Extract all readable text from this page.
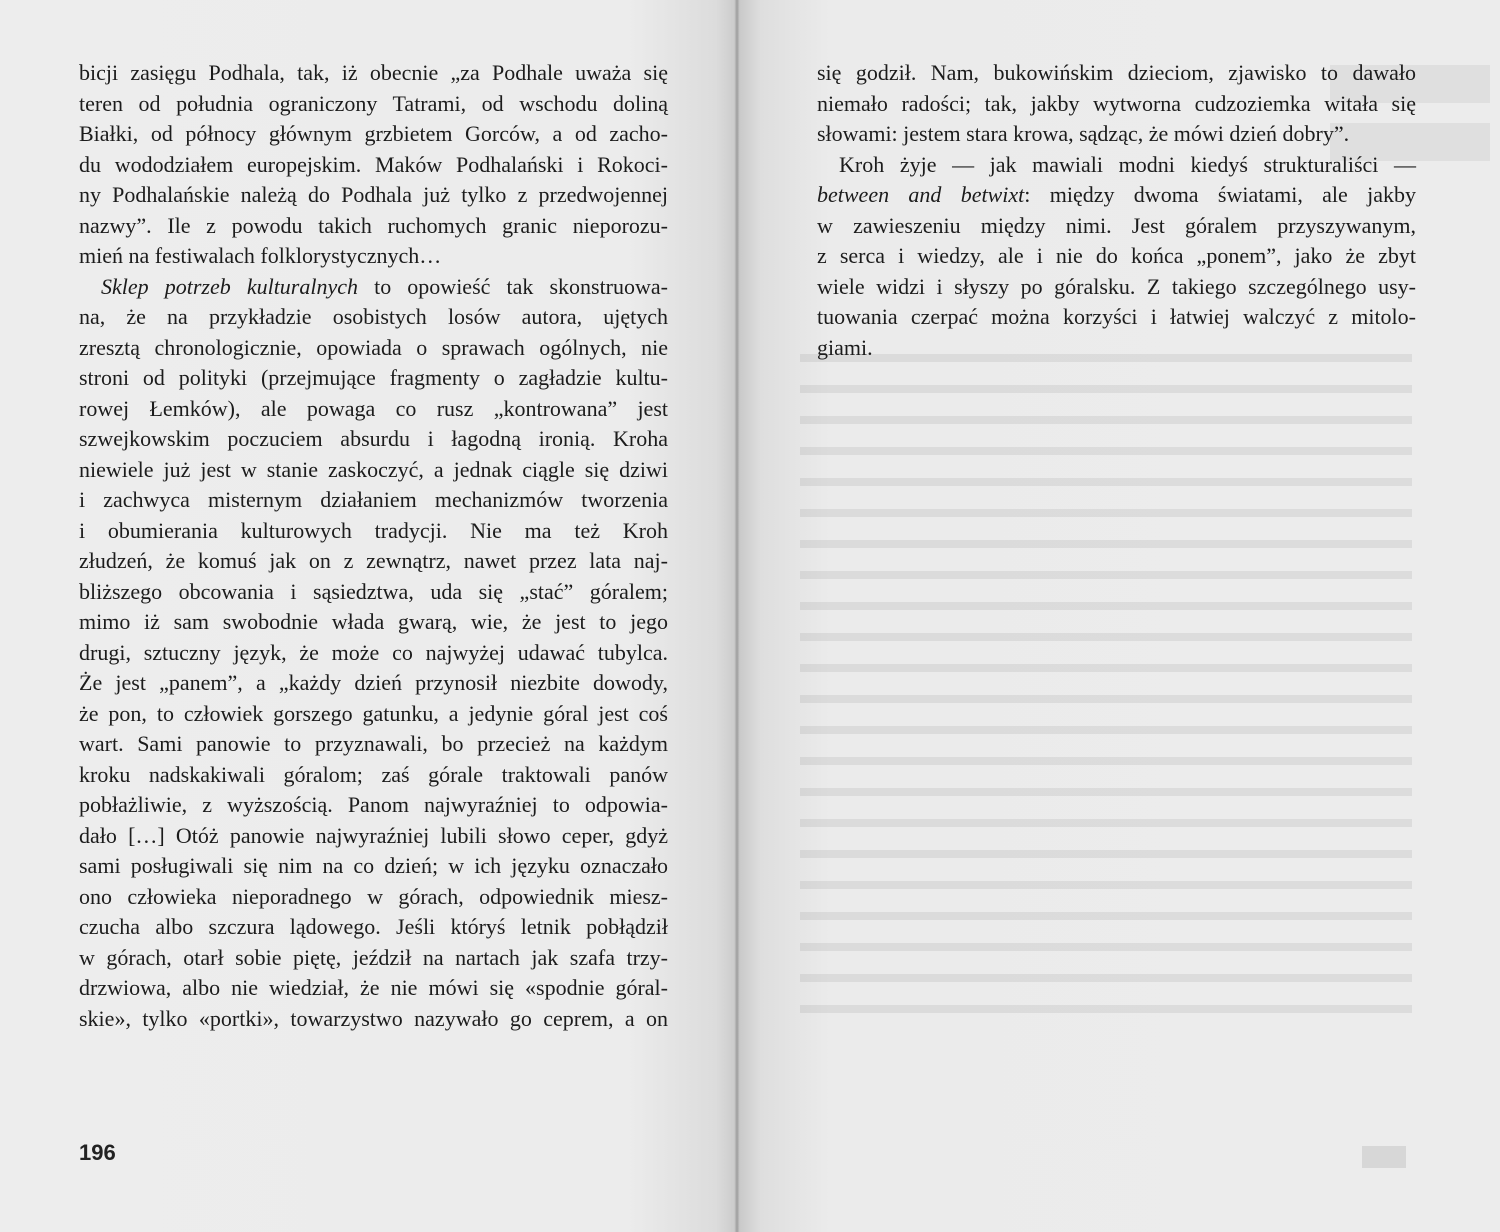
bicji zasięgu Podhala, tak, iż obecnie „za Podhale uważa się
teren od południa ograniczony Tatrami, od wschodu doliną
Białki, od północy głównym grzbietem Gorców, a od zacho-
du wododziałem europejskim. Maków Podhalański i Rokoci-
ny Podhalańskie należą do Podhala już tylko z przedwojennej
nazwy”. Ile z powodu takich ruchomych granic nieporozu-
mień na festiwalach folklorystycznych…
Sklep potrzeb kulturalnych to opowieść tak skonstruowa-
na, że na przykładzie osobistych losów autora, ujętych
zresztą chronologicznie, opowiada o sprawach ogólnych, nie
stroni od polityki (przejmujące fragmenty o zagładzie kultu-
rowej Łemków), ale powaga co rusz „kontrowana” jest
szwejkowskim poczuciem absurdu i łagodną ironią. Kroha
niewiele już jest w stanie zaskoczyć, a jednak ciągle się dziwi
i zachwyca misternym działaniem mechanizmów tworzenia
i obumierania kulturowych tradycji. Nie ma też Kroh
złudzeń, że komuś jak on z zewnątrz, nawet przez lata naj-
bliższego obcowania i sąsiedztwa, uda się „stać” góralem;
mimo iż sam swobodnie włada gwarą, wie, że jest to jego
drugi, sztuczny język, że może co najwyżej udawać tubylca.
Że jest „panem”, a „każdy dzień przynosił niezbite dowody,
że pon, to człowiek gorszego gatunku, a jedynie góral jest coś
wart. Sami panowie to przyznawali, bo przecież na każdym
kroku nadskakiwali góralom; zaś górale traktowali panów
pobłażliwie, z wyższością. Panom najwyraźniej to odpowia-
dało […] Otóż panowie najwyraźniej lubili słowo ceper, gdyż
sami posługiwali się nim na co dzień; w ich języku oznaczało
ono człowieka nieporadnego w górach, odpowiednik miesz-
czucha albo szczura lądowego. Jeśli któryś letnik pobłądził
w górach, otarł sobie piętę, jeździł na nartach jak szafa trzy-
drzwiowa, albo nie wiedział, że nie mówi się «spodnie góral-
skie», tylko «portki», towarzystwo nazywało go ceprem, a on
196
się godził. Nam, bukowińskim dzieciom, zjawisko to dawało
niemało radości; tak, jakby wytworna cudzoziemka witała się
słowami: jestem stara krowa, sądząc, że mówi dzień dobry”.
Kroh żyje — jak mawiali modni kiedyś strukturaliści —
between and betwixt: między dwoma światami, ale jakby
w zawieszeniu między nimi. Jest góralem przyszywanym,
z serca i wiedzy, ale i nie do końca „ponem”, jako że zbyt
wiele widzi i słyszy po góralsku. Z takiego szczególnego usy-
tuowania czerpać można korzyści i łatwiej walczyć z mitolo-
giami.
